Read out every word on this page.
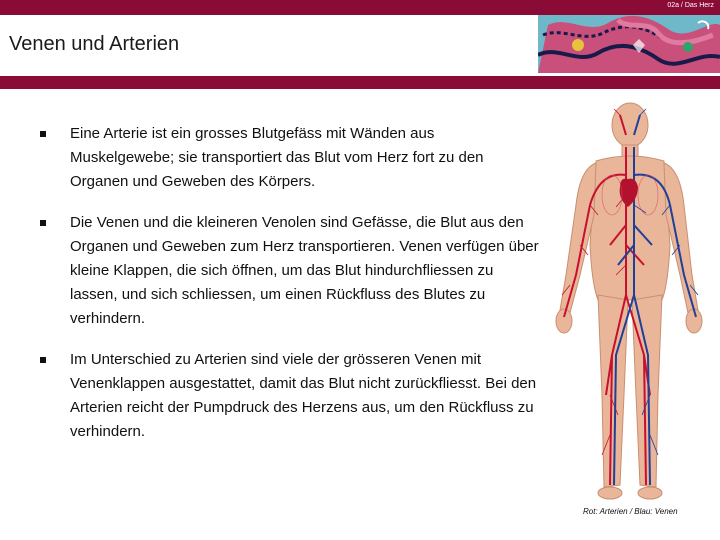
02a / Das Herz
Venen und Arterien
Eine Arterie ist ein grosses Blutgefäss mit Wänden aus Muskelgewebe; sie transportiert das Blut vom Herz fort zu den Organen und Geweben des Körpers.
Die Venen und die kleineren Venolen sind Gefässe, die Blut aus den Organen und Geweben zum Herz transportieren. Venen verfügen über kleine Klappen, die sich öffnen, um das Blut hindurchfliessen zu lassen, und sich schliessen, um einen Rückfluss des Blutes zu verhindern.
Im Unterschied zu Arterien sind viele der grösseren Venen mit Venenklappen ausgestattet, damit das Blut nicht zurückfliesst. Bei den Arterien reicht der Pumpdruck des Herzens aus, um den Rückfluss zu verhindern.
Rot: Arterien / Blau: Venen
